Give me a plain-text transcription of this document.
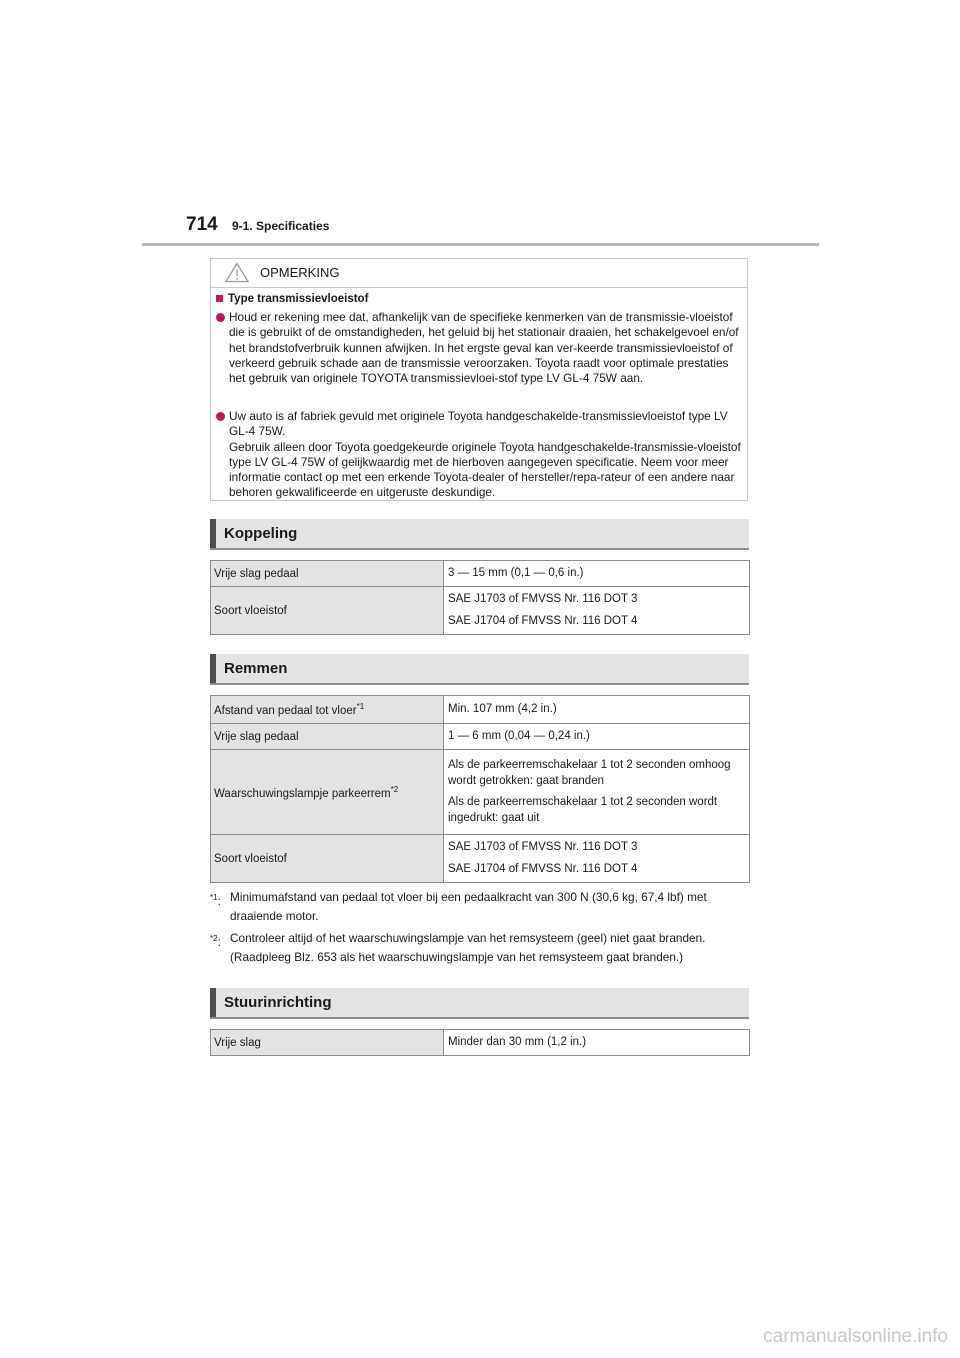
714 9-1. Specificaties
OPMERKING
Type transmissievloeistof
Houd er rekening mee dat, afhankelijk van de specifieke kenmerken van de transmissie-vloeistof die is gebruikt of de omstandigheden, het geluid bij het stationair draaien, het schakelgevoel en/of het brandstofverbruik kunnen afwijken. In het ergste geval kan ver-keerde transmissievloeistof of verkeerd gebruik schade aan de transmissie veroorzaken. Toyota raadt voor optimale prestaties het gebruik van originele TOYOTA transmissievloei-stof type LV GL-4 75W aan.
Uw auto is af fabriek gevuld met originele Toyota handgeschakelde-transmissievloeistof type LV GL-4 75W.
Gebruik alleen door Toyota goedgekeurde originele Toyota handgeschakelde-transmissie-vloeistof type LV GL-4 75W of gelijkwaardig met de hierboven aangegeven specificatie. Neem voor meer informatie contact op met een erkende Toyota-dealer of hersteller/repa-rateur of een andere naar behoren gekwalificeerde en uitgeruste deskundige.
Koppeling
Vrije slag pedaal	3 — 15 mm (0,1 — 0,6 in.)

Soort vloeistof	SAE J1703 of FMVSS Nr. 116 DOT 3

SAE J1704 of FMVSS Nr. 116 DOT 4

Remmen
Afstand van pedaal tot vloer$^{*1}$	Min. 107 mm (4,2 in.)

Vrije slag pedaal	1 — 6 mm (0,04 — 0,24 in.)

Waarschuwingslampje parkeerrem$^{*2}$	Als de parkeerremschakelaar 1 tot 2 seconden omhoog wordt getrokken: gaat branden

Als de parkeerremschakelaar 1 tot 2 seconden wordt ingedrukt: gaat uit

Soort vloeistof	SAE J1703 of FMVSS Nr. 116 DOT 3

SAE J1704 of FMVSS Nr. 116 DOT 4

$^{*1}$: Minimumafstand van pedaal tot vloer bij een pedaalkracht van 300 N (30,6 kg, 67,4 lbf) met draaiende motor.
$^{*2}$: Controleer altijd of het waarschuwingslampje van het remsysteem (geel) niet gaat branden. (Raadpleeg Blz. 653 als het waarschuwingslampje van het remsysteem gaat branden.)
Stuurinrichting
Vrije slag	Minder dan 30 mm (1,2 in.)

carmanualsonline.info
